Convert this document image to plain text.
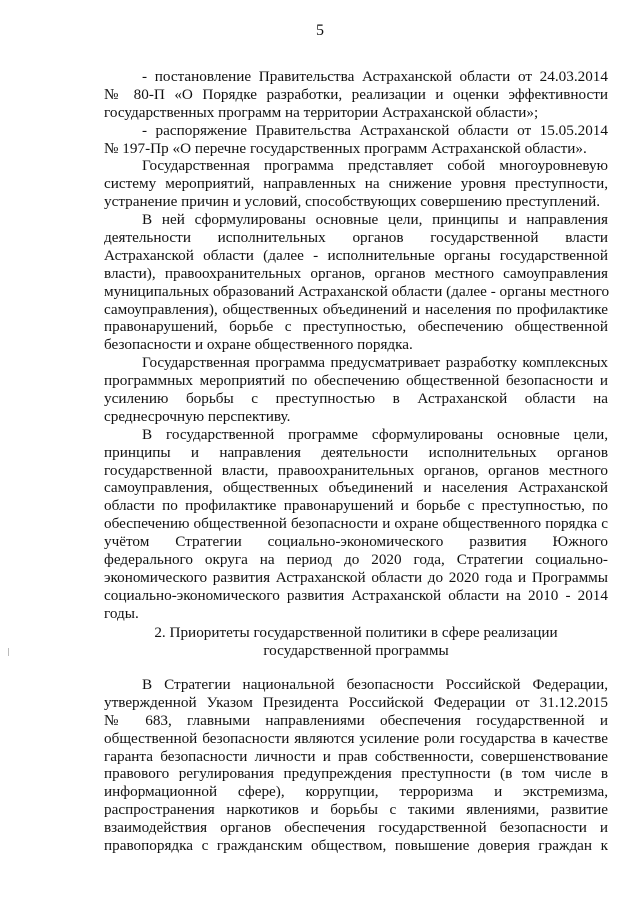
5
- постановление Правительства Астраханской области от 24.03.2014
№ 80-П «О Порядке разработки, реализации и оценки эффективности
государственных программ на территории Астраханской области»;
- распоряжение Правительства Астраханской области от 15.05.2014
№ 197-Пр «О перечне государственных программ Астраханской области».
Государственная программа представляет собой многоуровневую
систему мероприятий, направленных на снижение уровня преступности,
устранение причин и условий, способствующих совершению преступлений.
В ней сформулированы основные цели, принципы и направления
деятельности исполнительных органов государственной власти
Астраханской области (далее - исполнительные органы государственной
власти), правоохранительных органов, органов местного самоуправления
муниципальных образований Астраханской области (далее - органы местного
самоуправления), общественных объединений и населения по профилактике
правонарушений, борьбе с преступностью, обеспечению общественной
безопасности и охране общественного порядка.
Государственная программа предусматривает разработку комплексных
программных мероприятий по обеспечению общественной безопасности и
усилению борьбы с преступностью в Астраханской области на
среднесрочную перспективу.
В государственной программе сформулированы основные цели,
принципы и направления деятельности исполнительных органов
государственной власти, правоохранительных органов, органов местного
самоуправления, общественных объединений и населения Астраханской
области по профилактике правонарушений и борьбе с преступностью, по
обеспечению общественной безопасности и охране общественного порядка с
учётом Стратегии социально-экономического развития Южного
федерального округа на период до 2020 года, Стратегии социально-
экономического развития Астраханской области до 2020 года и Программы
социально-экономического развития Астраханской области на 2010 - 2014
годы.
2. Приоритеты государственной политики в сфере реализации
государственной программы
В Стратегии национальной безопасности Российской Федерации,
утвержденной Указом Президента Российской Федерации от 31.12.2015
№ 683, главными направлениями обеспечения государственной и
общественной безопасности являются усиление роли государства в качестве
гаранта безопасности личности и прав собственности, совершенствование
правового регулирования предупреждения преступности (в том числе в
информационной сфере), коррупции, терроризма и экстремизма,
распространения наркотиков и борьбы с такими явлениями, развитие
взаимодействия органов обеспечения государственной безопасности и
правопорядка с гражданским обществом, повышение доверия граждан к
